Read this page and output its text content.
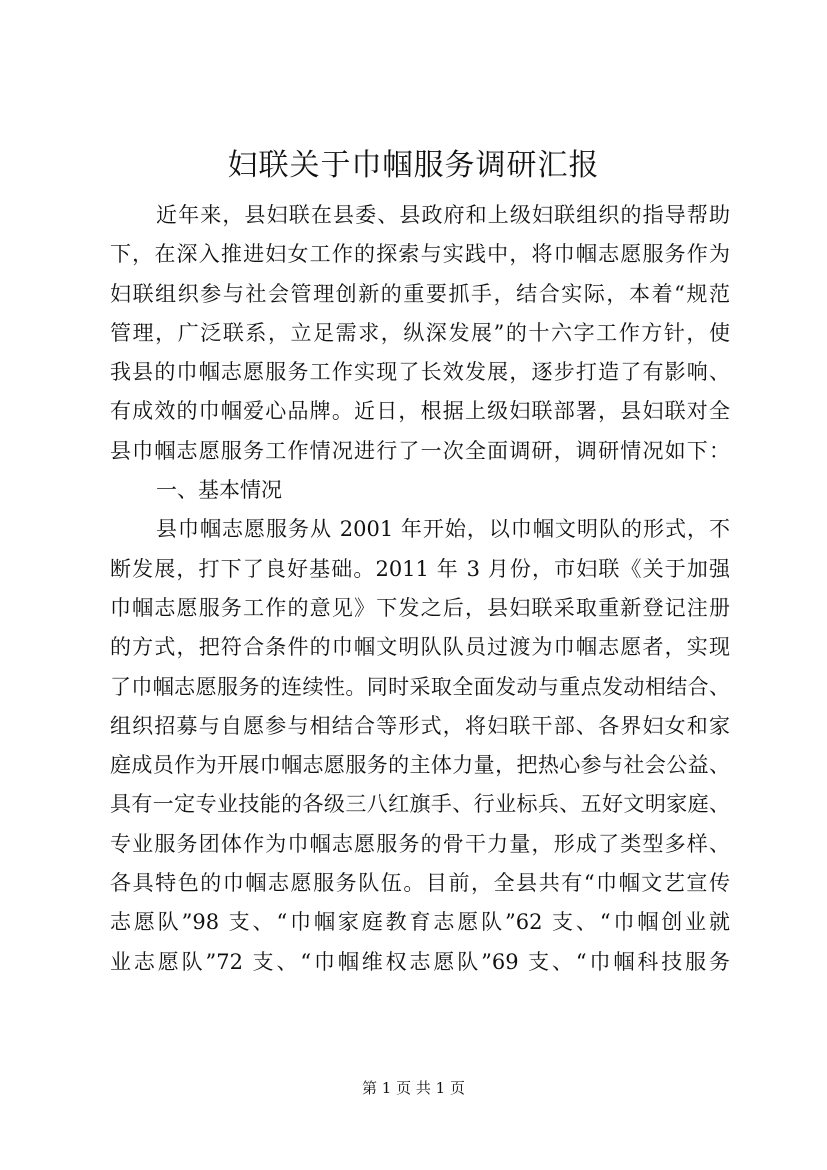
妇联关于巾帼服务调研汇报
近年来，县妇联在县委、县政府和上级妇联组织的指导帮助
下，在深入推进妇女工作的探索与实践中，将巾帼志愿服务作为
妇联组织参与社会管理创新的重要抓手，结合实际，本着“规范
管理，广泛联系，立足需求，纵深发展”的十六字工作方针，使
我县的巾帼志愿服务工作实现了长效发展，逐步打造了有影响、
有成效的巾帼爱心品牌。近日，根据上级妇联部署，县妇联对全
县巾帼志愿服务工作情况进行了一次全面调研，调研情况如下：
一、基本情况
县巾帼志愿服务从 2001 年开始，以巾帼文明队的形式，不
断发展，打下了良好基础。2011 年 3 月份，市妇联《关于加强
巾帼志愿服务工作的意见》下发之后，县妇联采取重新登记注册
的方式，把符合条件的巾帼文明队队员过渡为巾帼志愿者，实现
了巾帼志愿服务的连续性。同时采取全面发动与重点发动相结合、
组织招募与自愿参与相结合等形式，将妇联干部、各界妇女和家
庭成员作为开展巾帼志愿服务的主体力量，把热心参与社会公益、
具有一定专业技能的各级三八红旗手、行业标兵、五好文明家庭、
专业服务团体作为巾帼志愿服务的骨干力量，形成了类型多样、
各具特色的巾帼志愿服务队伍。目前，全县共有“巾帼文艺宣传
志愿队”98 支、“巾帼家庭教育志愿队”62 支、“巾帼创业就
业志愿队”72 支、“巾帼维权志愿队”69 支、“巾帼科技服务
第 1 页 共 1 页
